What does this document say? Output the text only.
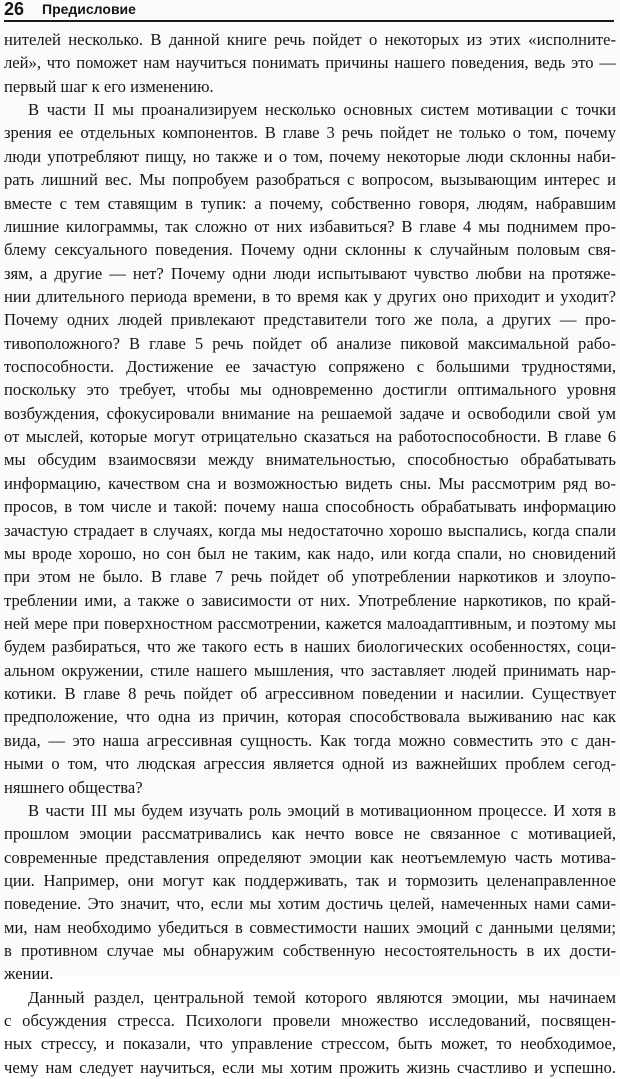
26 Предисловие
нителей несколько. В данной книге речь пойдет о некоторых из этих «исполните-
лей», что поможет нам научиться понимать причины нашего поведения, ведь это —
первый шаг к его изменению.
В части II мы проанализируем несколько основных систем мотивации с точки
зрения ее отдельных компонентов. В главе 3 речь пойдет не только о том, почему
люди употребляют пищу, но также и о том, почему некоторые люди склонны наби-
рать лишний вес. Мы попробуем разобраться с вопросом, вызывающим интерес и
вместе с тем ставящим в тупик: а почему, собственно говоря, людям, набравшим
лишние килограммы, так сложно от них избавиться? В главе 4 мы поднимем про-
блему сексуального поведения. Почему одни склонны к случайным половым свя-
зям, а другие — нет? Почему одни люди испытывают чувство любви на протяже-
нии длительного периода времени, в то время как у других оно приходит и уходит?
Почему одних людей привлекают представители того же пола, а других — про-
тивоположного? В главе 5 речь пойдет об анализе пиковой максимальной рабо-
тоспособности. Достижение ее зачастую сопряжено с большими трудностями,
поскольку это требует, чтобы мы одновременно достигли оптимального уровня
возбуждения, сфокусировали внимание на решаемой задаче и освободили свой ум
от мыслей, которые могут отрицательно сказаться на работоспособности. В главе 6
мы обсудим взаимосвязи между внимательностью, способностью обрабатывать
информацию, качеством сна и возможностью видеть сны. Мы рассмотрим ряд во-
просов, в том числе и такой: почему наша способность обрабатывать информацию
зачастую страдает в случаях, когда мы недостаточно хорошо выспались, когда спали
мы вроде хорошо, но сон был не таким, как надо, или когда спали, но сновидений
при этом не было. В главе 7 речь пойдет об употреблении наркотиков и злоупо-
треблении ими, а также о зависимости от них. Употребление наркотиков, по край-
ней мере при поверхностном рассмотрении, кажется малоадаптивным, и поэтому мы
будем разбираться, что же такого есть в наших биологических особенностях, соци-
альном окружении, стиле нашего мышления, что заставляет людей принимать нар-
котики. В главе 8 речь пойдет об агрессивном поведении и насилии. Существует
предположение, что одна из причин, которая способствовала выживанию нас как
вида, — это наша агрессивная сущность. Как тогда можно совместить это с дан-
ными о том, что людская агрессия является одной из важнейших проблем сегод-
няшнего общества?
В части III мы будем изучать роль эмоций в мотивационном процессе. И хотя в
прошлом эмоции рассматривались как нечто вовсе не связанное с мотивацией,
современные представления определяют эмоции как неотъемлемую часть мотива-
ции. Например, они могут как поддерживать, так и тормозить целенаправленное
поведение. Это значит, что, если мы хотим достичь целей, намеченных нами сами-
ми, нам необходимо убедиться в совместимости наших эмоций с данными целями;
в противном случае мы обнаружим собственную несостоятельность в их дости-
жении.
Данный раздел, центральной темой которого являются эмоции, мы начинаем
с обсуждения стресса. Психологи провели множество исследований, посвящен-
ных стрессу, и показали, что управление стрессом, быть может, то необходимое,
чему нам следует научиться, если мы хотим прожить жизнь счастливо и успешно.
